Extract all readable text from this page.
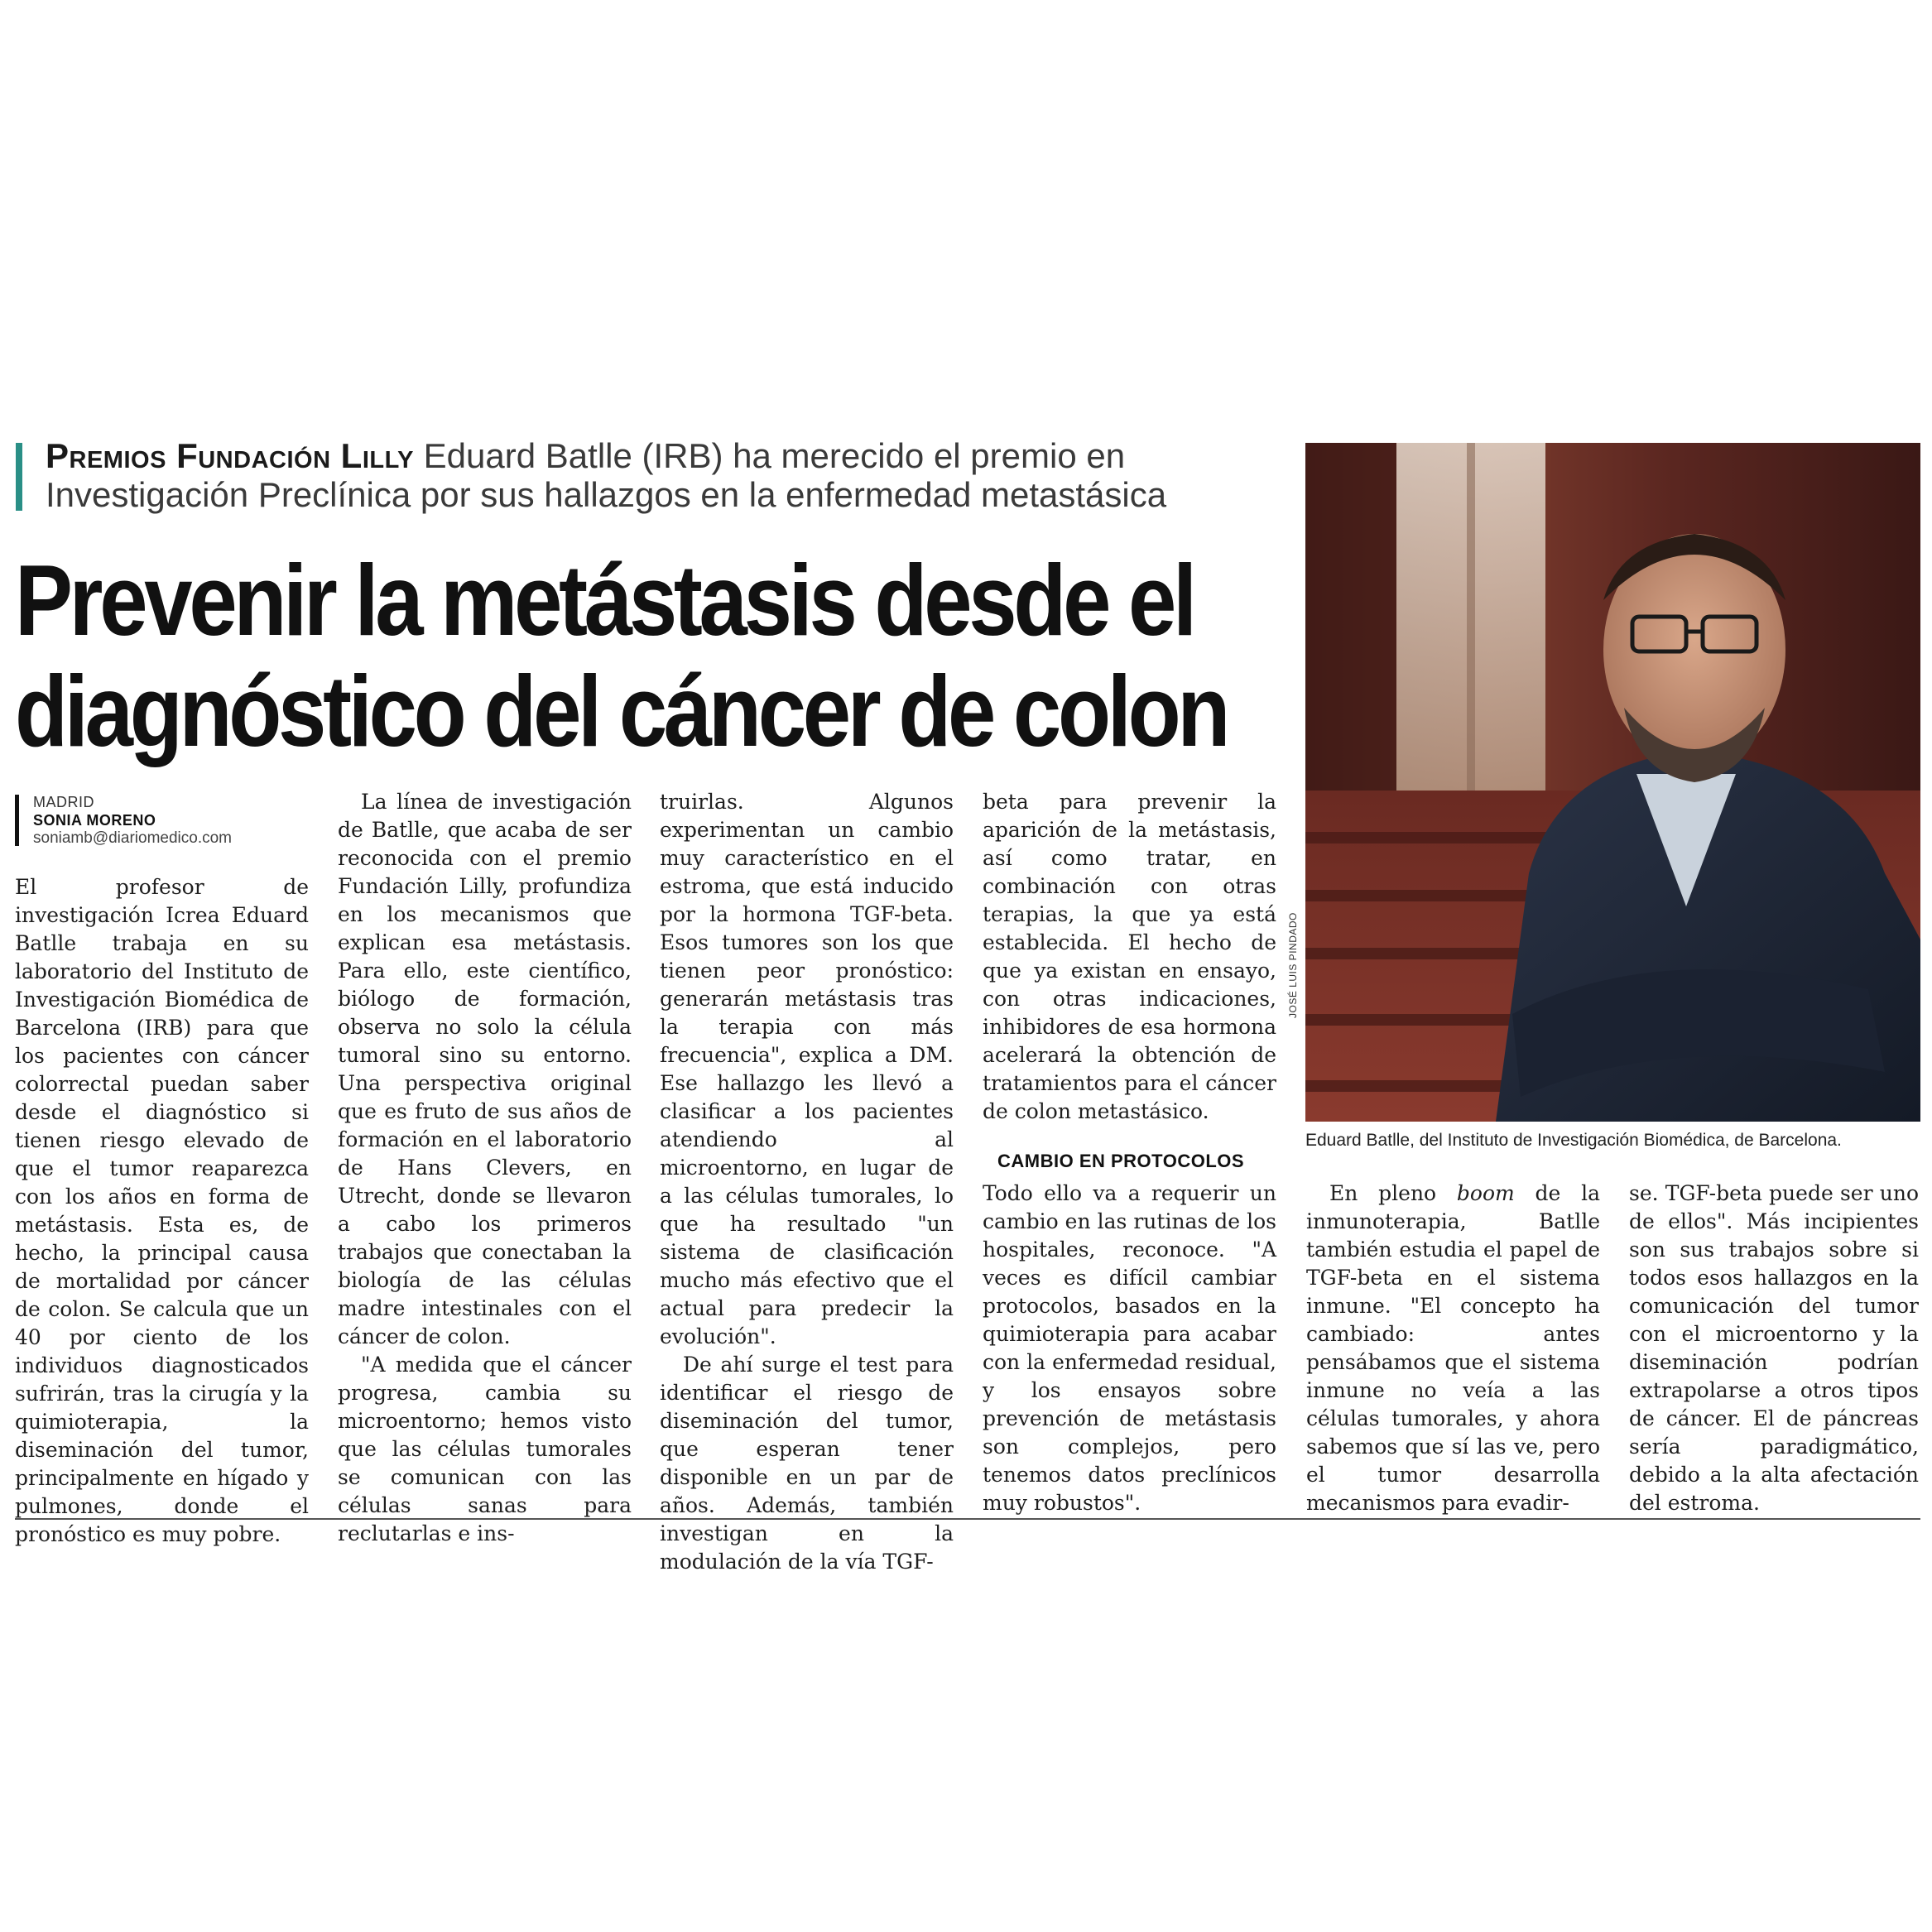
Premios Fundación Lilly Eduard Batlle (IRB) ha merecido el premio en Investigación Preclínica por sus hallazgos en la enfermedad metastásica
Prevenir la metástasis desde el
diagnóstico del cáncer de colon
MADRID
SONIA MORENO
soniamb@diariomedico.com

El profesor de investigación Icrea Eduard Batlle trabaja en su laboratorio del Instituto de Investigación Biomédica de Barcelona (IRB) para que los pacientes con cáncer colorrectal puedan saber desde el diagnóstico si tienen riesgo elevado de que el tumor reaparezca con los años en forma de metástasis. Esta es, de hecho, la principal causa de mortalidad por cáncer de colon. Se calcula que un 40 por ciento de los individuos diagnosticados sufrirán, tras la cirugía y la quimioterapia, la diseminación del tumor, principalmente en hígado y pulmones, donde el pronóstico es muy pobre.

La línea de investigación de Batlle, que acaba de ser reconocida con el premio Fundación Lilly, profundiza en los mecanismos que explican esa metástasis. Para ello, este científico, biólogo de formación, observa no solo la célula tumoral sino su entorno. Una perspectiva original que es fruto de sus años de formación en el laboratorio de Hans Clevers, en Utrecht, donde se llevaron a cabo los primeros trabajos que conectaban la biología de las células madre intestinales con el cáncer de colon.

"A medida que el cáncer progresa, cambia su microentorno; hemos visto que las células tumorales se comunican con las células sanas para reclutarlas e ins-

truirlas. Algunos experimentan un cambio muy característico en el estroma, que está inducido por la hormona TGF-beta. Esos tumores son los que tienen peor pronóstico: generarán metástasis tras la terapia con más frecuencia", explica a DM. Ese hallazgo les llevó a clasificar a los pacientes atendiendo al microentorno, en lugar de a las células tumorales, lo que ha resultado "un sistema de clasificación mucho más efectivo que el actual para predecir la evolución".

De ahí surge el test para identificar el riesgo de diseminación del tumor, que esperan tener disponible en un par de años. Además, también investigan en la modulación de la vía TGF-

beta para prevenir la aparición de la metástasis, así como tratar, en combinación con otras terapias, la que ya está establecida. El hecho de que ya existan en ensayo, con otras indicaciones, inhibidores de esa hormona acelerará la obtención de tratamientos para el cáncer de colon metastásico.

CAMBIO EN PROTOCOLOS

Todo ello va a requerir un cambio en las rutinas de los hospitales, reconoce. "A veces es difícil cambiar protocolos, basados en la quimioterapia para acabar con la enfermedad residual, y los ensayos sobre prevención de metástasis son complejos, pero tenemos datos preclínicos muy robustos".

En pleno boom de la inmunoterapia, Batlle también estudia el papel de TGF-beta en el sistema inmune. "El concepto ha cambiado: antes pensábamos que el sistema inmune no veía a las células tumorales, y ahora sabemos que sí las ve, pero el tumor desarrolla mecanismos para evadir-

se. TGF-beta puede ser uno de ellos". Más incipientes son sus trabajos sobre si todos esos hallazgos en la comunicación del tumor con el microentorno y la diseminación podrían extrapolarse a otros tipos de cáncer. El de páncreas sería paradigmático, debido a la alta afectación del estroma.

JOSÉ LUIS PINDADO
Eduard Batlle, del Instituto de Investigación Biomédica, de Barcelona.
